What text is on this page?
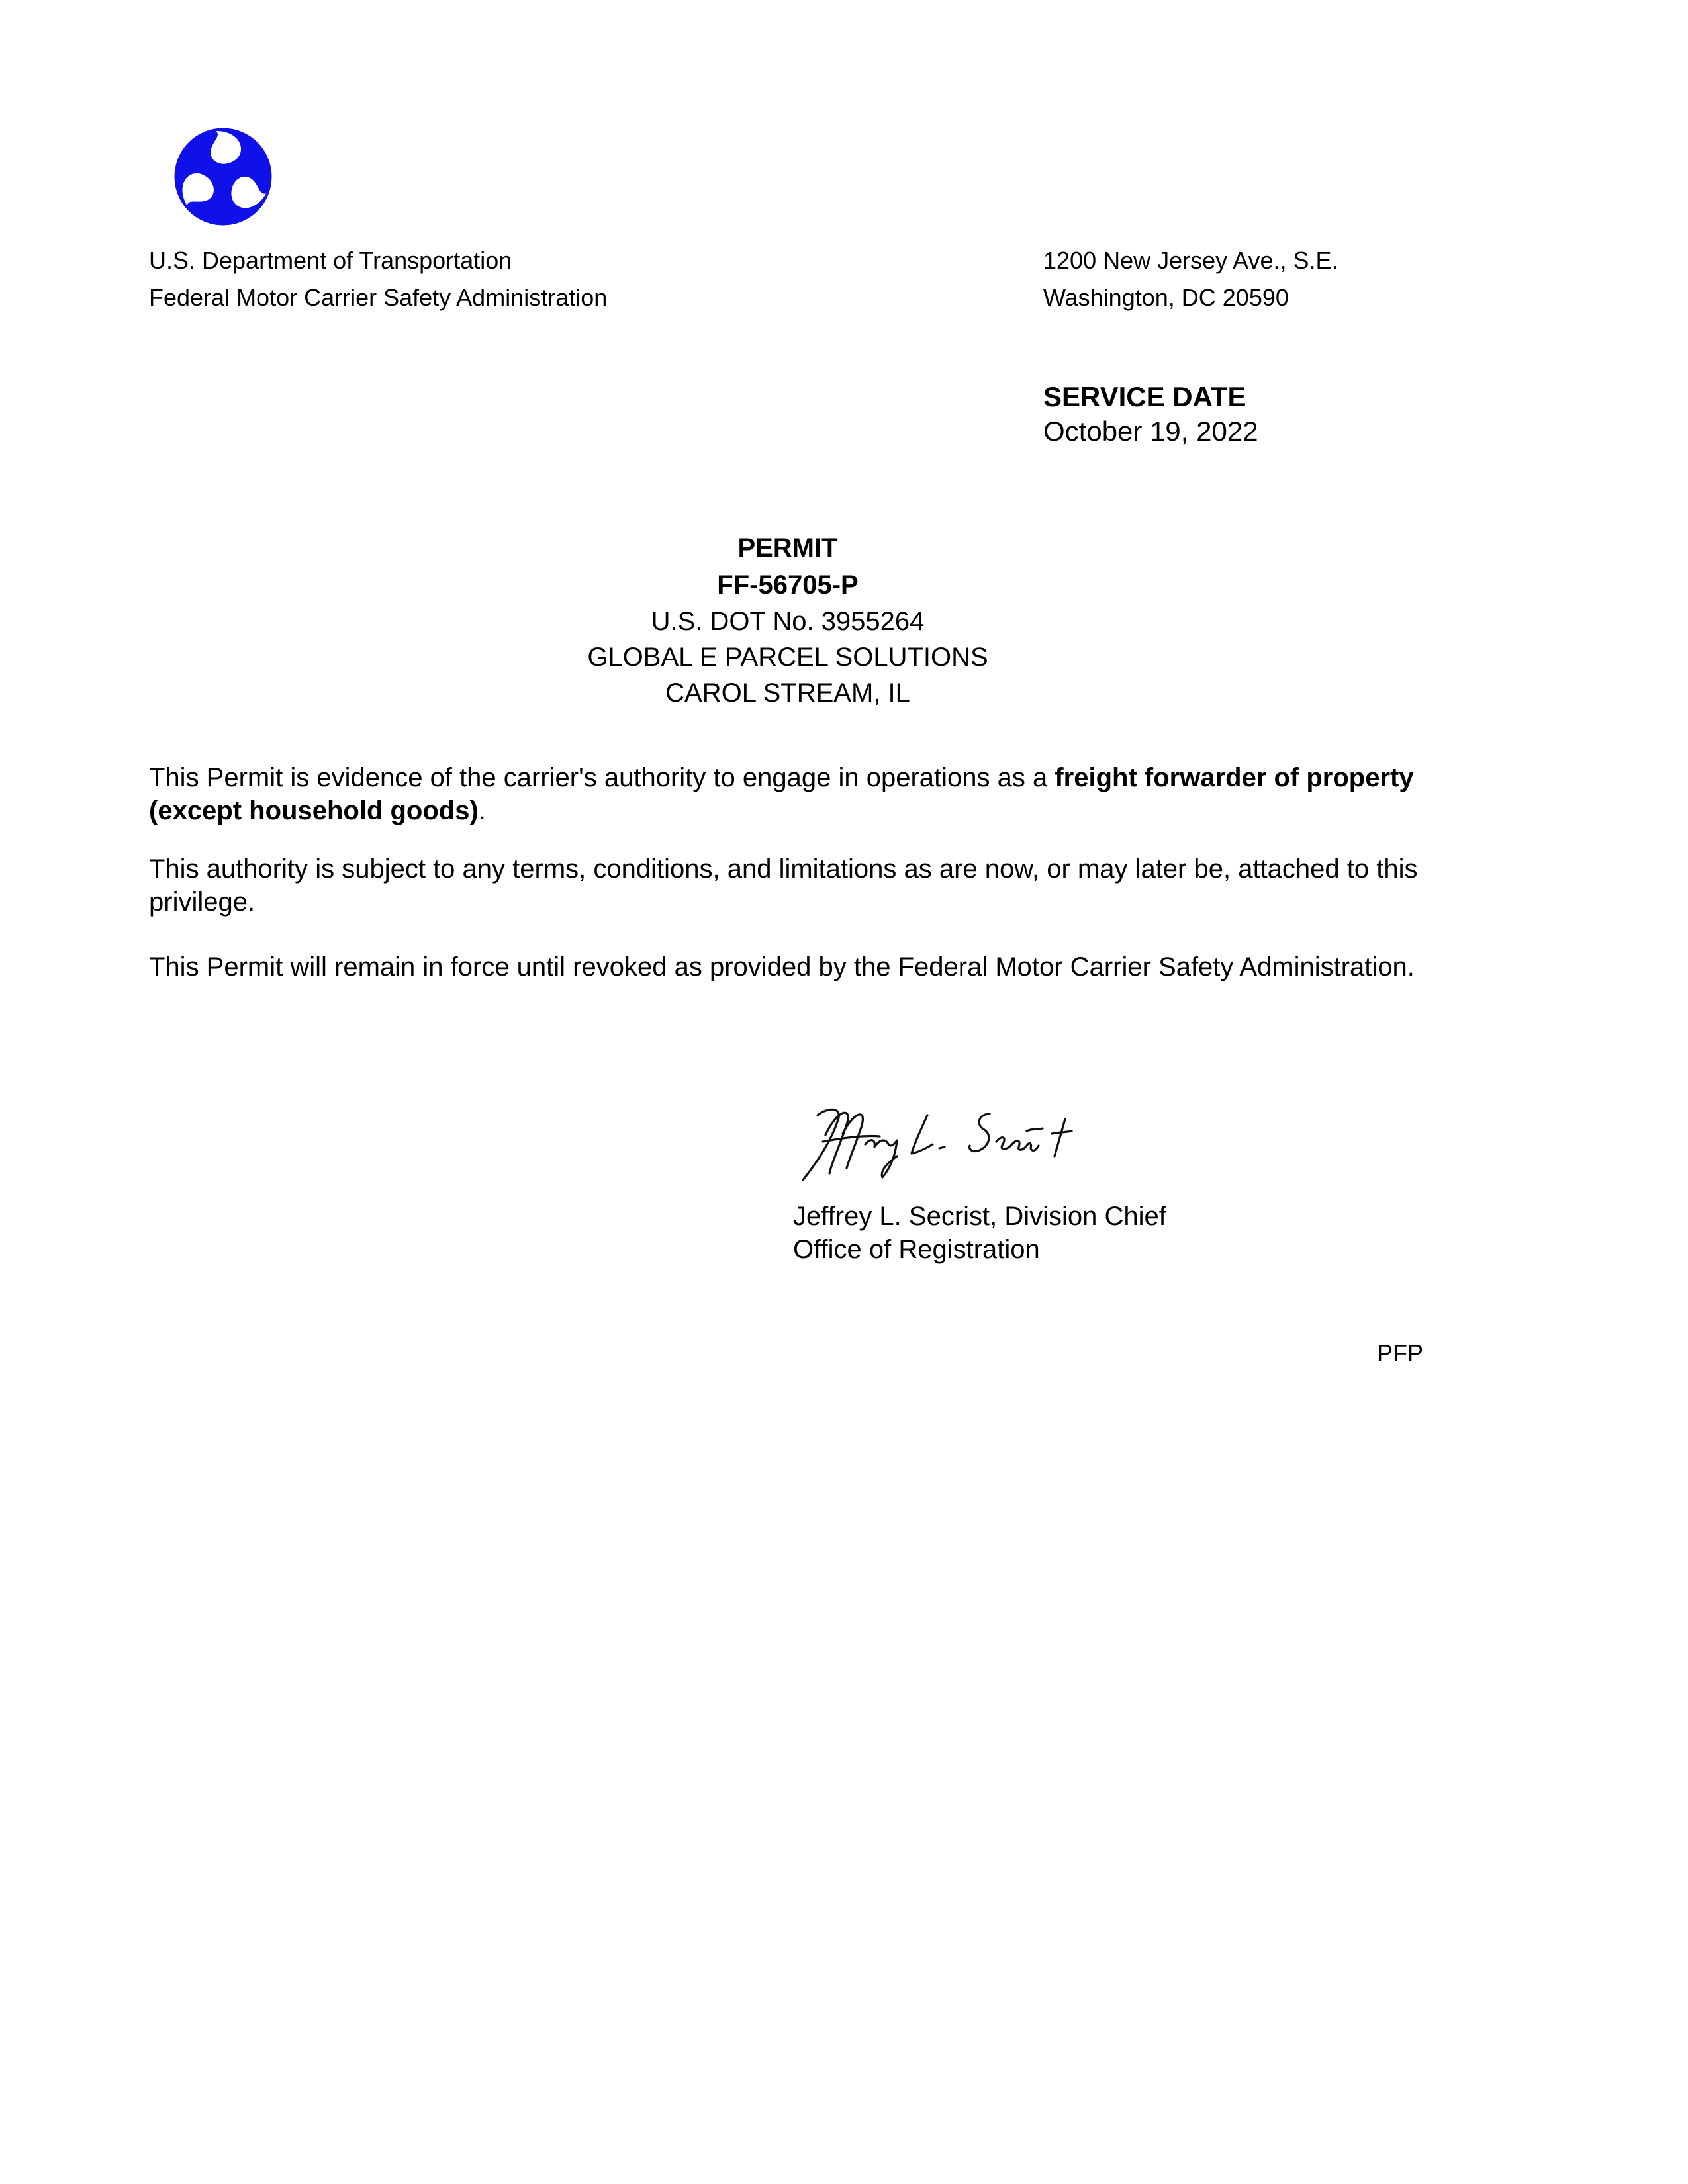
U.S. Department of Transportation
Federal Motor Carrier Safety Administration
1200 New Jersey Ave., S.E.
Washington, DC 20590
SERVICE DATE
October 19, 2022
PERMIT
FF-56705-P
U.S. DOT No. 3955264
GLOBAL E PARCEL SOLUTIONS
CAROL STREAM, IL

This Permit is evidence of the carrier's authority to engage in operations as a freight forwarder of property (except household goods).

This authority is subject to any terms, conditions, and limitations as are now, or may later be, attached to this privilege.

This Permit will remain in force until revoked as provided by the Federal Motor Carrier Safety Administration.

Jeffrey L. Secrist, Division Chief
Office of Registration
PFP
